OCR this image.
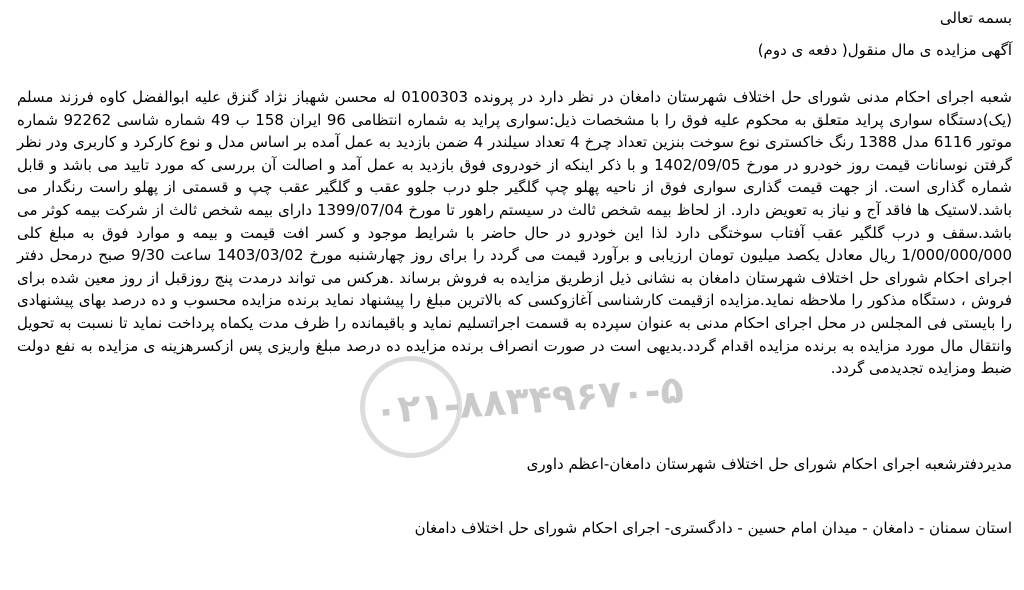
بسمه تعالی
آگهی مزایده ی مال منقول( دفعه ی دوم)

شعبه اجرای احکام مدنی شورای حل اختلاف شهرستان دامغان در نظر دارد در پرونده 0100303 له محسن شهباز نژاد گنزق علیه ابوالفضل کاوه فرزند مسلم (یک)دستگاه سواری پراید متعلق به محکوم علیه فوق را با مشخصات ذیل:سواری پراید به شماره انتظامی 96 ایران 158 ب 49 شماره شاسی 92262 شماره موتور 6116 مدل 1388 رنگ خاکستری نوع سوخت بنزین تعداد چرخ 4 تعداد سیلندر 4 ضمن بازدید به عمل آمده بر اساس مدل و نوع کارکرد و کاربری ودر نظر گرفتن نوسانات قیمت روز خودرو در مورخ 1402/09/05 و با ذکر اینکه از خودروی فوق بازدید به عمل آمد و اصالت آن بررسی که مورد تایید می باشد و قابل شماره گذاری است. از جهت قیمت گذاری سواری فوق از ناحیه پهلو چپ گلگیر جلو درب جلوو عقب و گلگیر عقب چپ و قسمتی از پهلو راست رنگدار می باشد.لاستیک ها فاقد آج و نیاز به تعویض دارد. از لحاظ بیمه شخص ثالث در سیستم راهور تا مورخ 1399/07/04 دارای بیمه شخص ثالث از شرکت بیمه کوثر می باشد.سقف و درب گلگیر عقب آفتاب سوختگی دارد لذا این خودرو در حال حاضر با شرایط موجود و کسر افت قیمت و بیمه و موارد فوق به مبلغ کلی 1/000/000/000 ریال معادل یکصد میلیون تومان ارزیابی و برآورد قیمت می گردد را برای روز چهارشنبه مورخ 1403/03/02 ساعت 9/30 صبح درمحل دفتر اجرای احکام شورای حل اختلاف شهرستان دامغان به نشانی ذیل ازطریق مزایده به فروش برساند .هرکس می تواند درمدت پنج روزقبل از روز معین شده برای فروش ، دستگاه مذکور را ملاحظه نماید.مزایده ازقیمت کارشناسی آغازوکسی که بالاترین مبلغ را پیشنهاد نماید برنده مزایده محسوب و ده درصد بهای پیشنهادی را بایستی فی المجلس در محل اجرای احکام مدنی به عنوان سپرده به قسمت اجراتسلیم نماید و باقیمانده را ظرف مدت یکماه پرداخت نماید تا نسبت به تحویل وانتقال مال مورد مزایده به برنده مزایده اقدام گردد.بدیهی است در صورت انصراف برنده مزایده ده درصد مبلغ واریزی پس ازکسرهزینه ی مزایده به نفع دولت ضبط ومزایده تجدیدمی گردد.

مدیردفترشعبه اجرای احکام شورای حل اختلاف شهرستان دامغان-اعظم داوری
استان سمنان - دامغان - میدان امام حسین - دادگستری- اجرای احکام شورای حل اختلاف دامغان
۰۲۱-۸۸۳۴۹۶۷۰-۵
